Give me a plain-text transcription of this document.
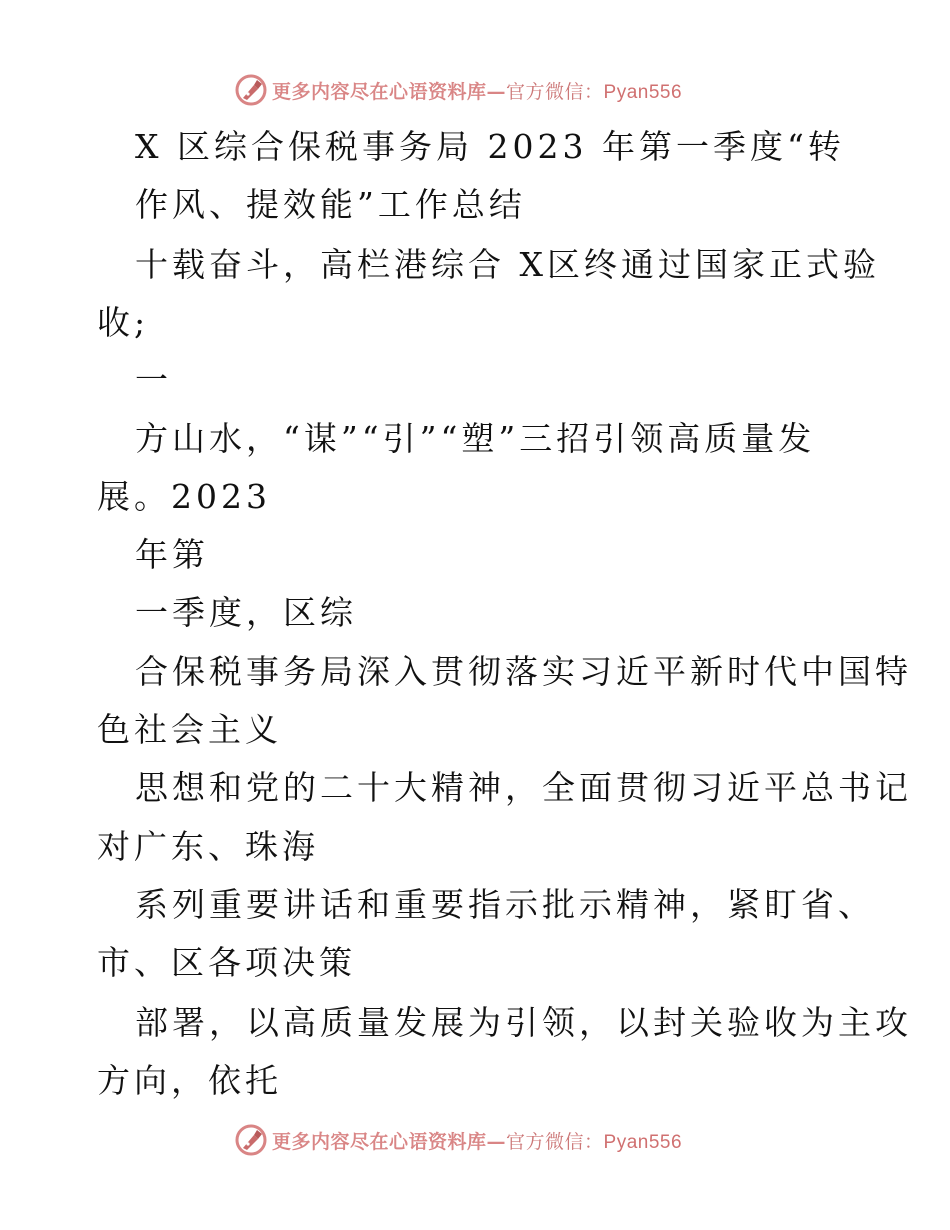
更多内容尽在心语资料库—官方微信：Pyan556
X 区综合保税事务局 2023 年第一季度“转
作风、提效能”工作总结
十载奋斗，高栏港综合 X区终通过国家正式验
收;
一
方山水，“谋”“引”“塑”三招引领高质量发
展。2023
年第
一季度，区综
合保税事务局深入贯彻落实习近平新时代中国特
色社会主义
思想和党的二十大精神，全面贯彻习近平总书记
对广东、珠海
系列重要讲话和重要指示批示精神，紧盯省、
市、区各项决策
部署，以高质量发展为引领，以封关验收为主攻
方向，依托
更多内容尽在心语资料库—官方微信：Pyan556
